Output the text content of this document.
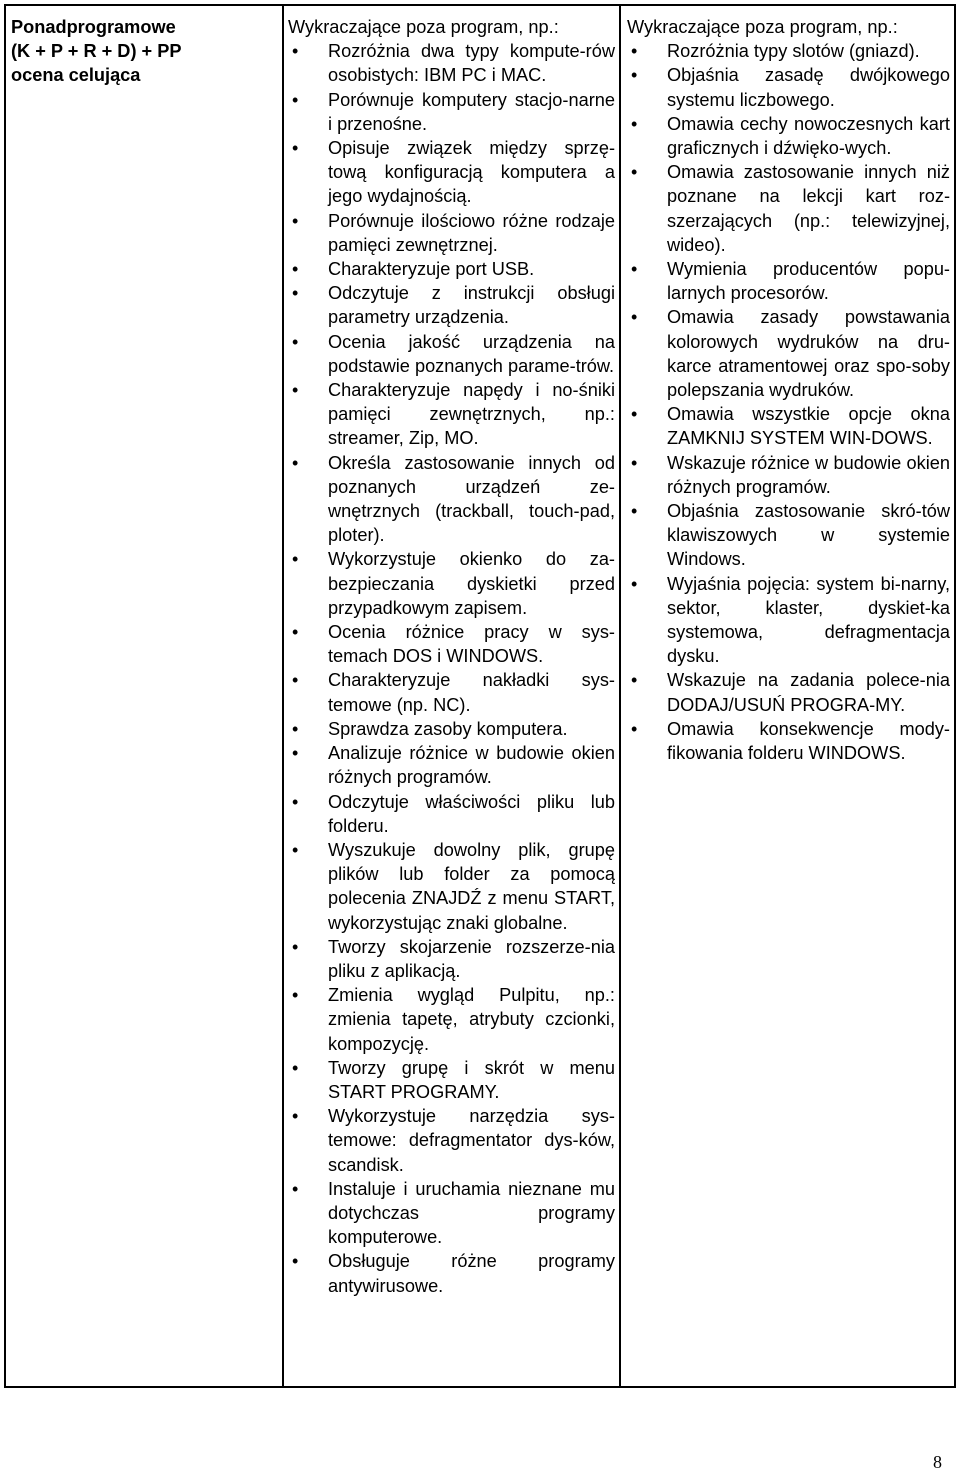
Ponadprogramowe
(K + P + R + D) + PP
ocena celująca

Wykraczające poza program, np.:

• Rozróżnia dwa typy kompute-rów osobistych: IBM PC i MAC.
• Porównuje komputery stacjo-narne i przenośne.
• Opisuje związek między sprzę-tową konfiguracją komputera a jego wydajnością.
• Porównuje ilościowo różne rodzaje pamięci zewnętrznej.
• Charakteryzuje port USB.
• Odczytuje z instrukcji obsługi parametry urządzenia.
• Ocenia jakość urządzenia na podstawie poznanych parame-trów.
• Charakteryzuje napędy i no-śniki pamięci zewnętrznych, np.: streamer, Zip, MO.
• Określa zastosowanie innych od poznanych urządzeń ze-wnętrznych (trackball, touch-pad, ploter).
• Wykorzystuje okienko do za-bezpieczania dyskietki przed przypadkowym zapisem.
• Ocenia różnice pracy w sys-temach DOS i WINDOWS.
• Charakteryzuje nakładki sys-temowe (np. NC).
• Sprawdza zasoby komputera.
• Analizuje różnice w budowie okien różnych programów.
• Odczytuje właściwości pliku lub folderu.
• Wyszukuje dowolny plik, grupę plików lub folder za pomocą polecenia ZNAJDŹ z menu START, wykorzystując znaki globalne.
• Tworzy skojarzenie rozszerze-nia pliku z aplikacją.
• Zmienia wygląd Pulpitu, np.: zmienia tapetę, atrybuty czcionki, kompozycję.
• Tworzy grupę i skrót w menu START PROGRAMY.
• Wykorzystuje narzędzia sys-temowe: defragmentator dys-ków, scandisk.
• Instaluje i uruchamia nieznane mu dotychczas programy komputerowe.
• Obsługuje różne programy antywirusowe.

Wykraczające poza program, np.:

• Rozróżnia typy slotów (gniazd).
• Objaśnia zasadę dwójkowego systemu liczbowego.
• Omawia cechy nowoczesnych kart graficznych i dźwięko-wych.
• Omawia zastosowanie innych niż poznane na lekcji kart roz-szerzających (np.: telewizyjnej, wideo).
• Wymienia producentów popu-larnych procesorów.
• Omawia zasady powstawania kolorowych wydruków na dru-karce atramentowej oraz spo-soby polepszania wydruków.
• Omawia wszystkie opcje okna ZAMKNIJ SYSTEM WIN-DOWS.
• Wskazuje różnice w budowie okien różnych programów.
• Objaśnia zastosowanie skró-tów klawiszowych w systemie Windows.
• Wyjaśnia pojęcia: system bi-narny, sektor, klaster, dyskiet-ka systemowa, defragmentacja dysku.
• Wskazuje na zadania polece-nia DODAJ/USUŃ PROGRA-MY.
• Omawia konsekwencje mody-fikowania folderu WINDOWS.
8
